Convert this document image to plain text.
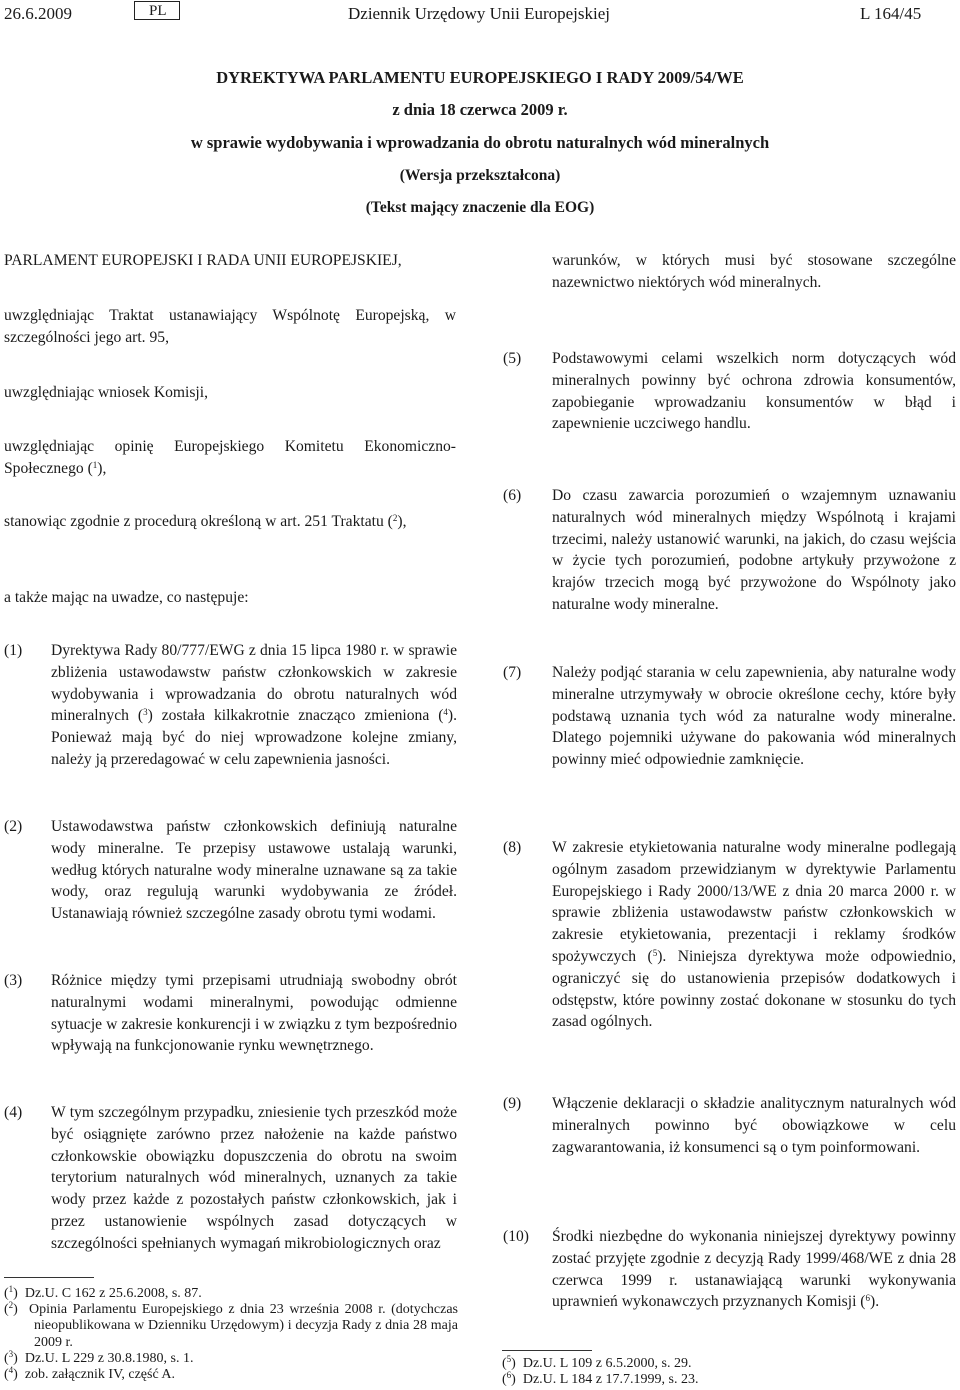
26.6.2009	PL	Dziennik Urzędowy Unii Europejskiej	L 164/45
DYREKTYWA PARLAMENTU EUROPEJSKIEGO I RADY 2009/54/WE
z dnia 18 czerwca 2009 r.
w sprawie wydobywania i wprowadzania do obrotu naturalnych wód mineralnych
(Wersja przekształcona)
(Tekst mający znaczenie dla EOG)
PARLAMENT EUROPEJSKI I RADA UNII EUROPEJSKIEJ,
uwzględniając Traktat ustanawiający Wspólnotę Europejską, w szczególności jego art. 95,
uwzględniając wniosek Komisji,
uwzględniając opinię Europejskiego Komitetu Ekonomiczno-Społecznego ($^1$),
stanowiąc zgodnie z procedurą określoną w art. 251 Traktatu ($^2$),
a także mając na uwadze, co następuje:
(1) Dyrektywa Rady 80/777/EWG z dnia 15 lipca 1980 r. w sprawie zbliżenia ustawodawstw państw członkowskich w zakresie wydobywania i wprowadzania do obrotu naturalnych wód mineralnych ($^3$) została kilkakrotnie znacząco zmieniona ($^4$). Ponieważ mają być do niej wprowadzone kolejne zmiany, należy ją przeredagować w celu zapewnienia jasności.
(2) Ustawodawstwa państw członkowskich definiują naturalne wody mineralne. Te przepisy ustawowe ustalają warunki, według których naturalne wody mineralne uznawane są za takie wody, oraz regulują warunki wydobywania ze źródeł. Ustanawiają również szczególne zasady obrotu tymi wodami.
(3) Różnice między tymi przepisami utrudniają swobodny obrót naturalnymi wodami mineralnymi, powodując odmienne sytuacje w zakresie konkurencji i w związku z tym bezpośrednio wpływają na funkcjonowanie rynku wewnętrznego.
(4) W tym szczególnym przypadku, zniesienie tych przeszkód może być osiągnięte zarówno przez nałożenie na każde państwo członkowskie obowiązku dopuszczenia do obrotu na swoim terytorium naturalnych wód mineralnych, uznanych za takie wody przez każde z pozostałych państw członkowskich, jak i przez ustanowienie wspólnych zasad dotyczących w szczególności spełnianych wymagań mikrobiologicznych oraz
($^1$)  Dz.U. C 162 z 25.6.2008, s. 87.
($^2$)  Opinia Parlamentu Europejskiego z dnia 23 września 2008 r. (dotychczas nieopublikowana w Dzienniku Urzędowym) i decyzja Rady z dnia 28 maja 2009 r.
($^3$)  Dz.U. L 229 z 30.8.1980, s. 1.
($^4$)  zob. załącznik IV, część A.
warunków, w których musi być stosowane szczególne nazewnictwo niektórych wód mineralnych.
(5) Podstawowymi celami wszelkich norm dotyczących wód mineralnych powinny być ochrona zdrowia konsumentów, zapobieganie wprowadzaniu konsumentów w błąd i zapewnienie uczciwego handlu.
(6) Do czasu zawarcia porozumień o wzajemnym uznawaniu naturalnych wód mineralnych między Wspólnotą i krajami trzecimi, należy ustanowić warunki, na jakich, do czasu wejścia w życie tych porozumień, podobne artykuły przywożone z krajów trzecich mogą być przywożone do Wspólnoty jako naturalne wody mineralne.
(7) Należy podjąć starania w celu zapewnienia, aby naturalne wody mineralne utrzymywały w obrocie określone cechy, które były podstawą uznania tych wód za naturalne wody mineralne. Dlatego pojemniki używane do pakowania wód mineralnych powinny mieć odpowiednie zamknięcie.
(8) W zakresie etykietowania naturalne wody mineralne podlegają ogólnym zasadom przewidzianym w dyrektywie Parlamentu Europejskiego i Rady 2000/13/WE z dnia 20 marca 2000 r. w sprawie zbliżenia ustawodawstw państw członkowskich w zakresie etykietowania, prezentacji i reklamy środków spożywczych ($^5$). Niniejsza dyrektywa może odpowiednio, ograniczyć się do ustanowienia przepisów dodatkowych i odstępstw, które powinny zostać dokonane w stosunku do tych zasad ogólnych.
(9) Włączenie deklaracji o składzie analitycznym naturalnych wód mineralnych powinno być obowiązkowe w celu zagwarantowania, iż konsumenci są o tym poinformowani.
(10) Środki niezbędne do wykonania niniejszej dyrektywy powinny zostać przyjęte zgodnie z decyzją Rady 1999/468/WE z dnia 28 czerwca 1999 r. ustanawiającą warunki wykonywania uprawnień wykonawczych przyznanych Komisji ($^6$).
($^5$)  Dz.U. L 109 z 6.5.2000, s. 29.
($^6$)  Dz.U. L 184 z 17.7.1999, s. 23.
